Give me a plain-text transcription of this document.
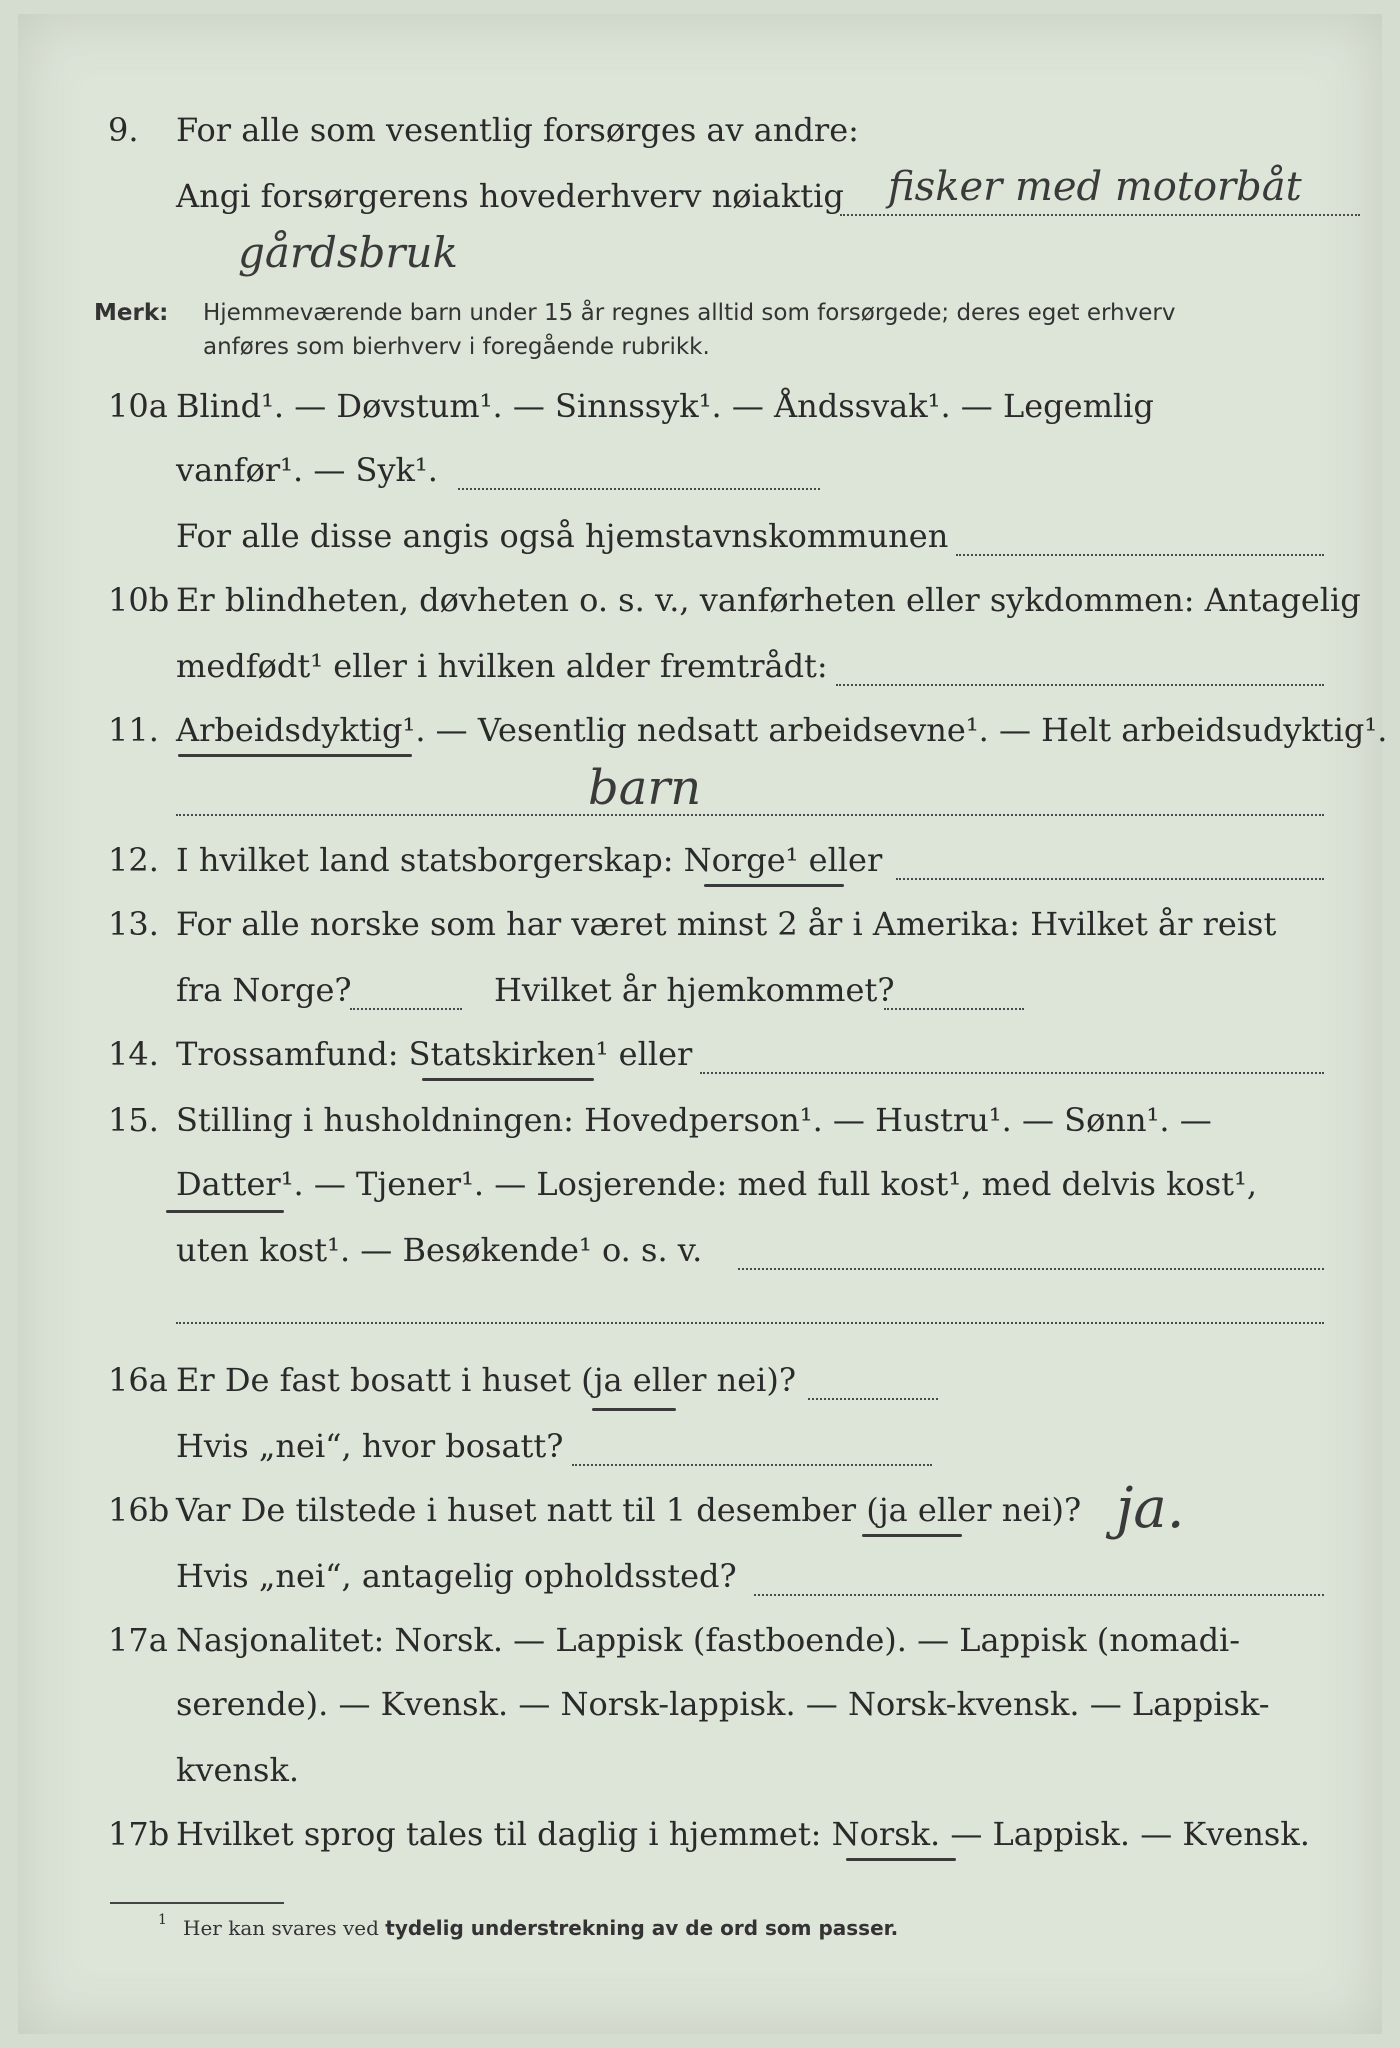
9. For alle som vesentlig forsørges av andre:
Angi forsørgerens hovederhverv nøiaktig fisker med motorbåt
gårdsbruk
Merk: Hjemmeværende barn under 15 år regnes alltid som forsørgede; deres eget erhverv
anføres som bierhverv i foregående rubrikk.
10a Blind¹. — Døvstum¹. — Sinnssyk¹. — Åndssvak¹. — Legemlig
vanfør¹. — Syk¹.
For alle disse angis også hjemstavnskommunen
10b Er blindheten, døvheten o. s. v., vanførheten eller sykdommen: Antagelig
medfødt¹ eller i hvilken alder fremtrådt:
11. Arbeidsdyktig¹. — Vesentlig nedsatt arbeidsevne¹. — Helt arbeidsudyktig¹.
barn
12. I hvilket land statsborgerskap: Norge¹ eller
13. For alle norske som har været minst 2 år i Amerika: Hvilket år reist
fra Norge?	Hvilket år hjemkommet?
14. Trossamfund: Statskirken¹ eller
15. Stilling i husholdningen: Hovedperson¹. — Hustru¹. — Sønn¹. —
Datter¹. — Tjener¹. — Losjerende: med full kost¹, med delvis kost¹,
uten kost¹. — Besøkende¹ o. s. v.
16a Er De fast bosatt i huset (ja eller nei)?
Hvis „nei“, hvor bosatt?
16b Var De tilstede i huset natt til 1 desember (ja eller nei)? ja.
Hvis „nei“, antagelig opholdssted?
17a Nasjonalitet: Norsk. — Lappisk (fastboende). — Lappisk (nomadi-
serende). — Kvensk. — Norsk-lappisk. — Norsk-kvensk. — Lappisk-
kvensk.
17b Hvilket sprog tales til daglig i hjemmet: Norsk. — Lappisk. — Kvensk.
1 Her kan svares ved tydelig understrekning av de ord som passer.
